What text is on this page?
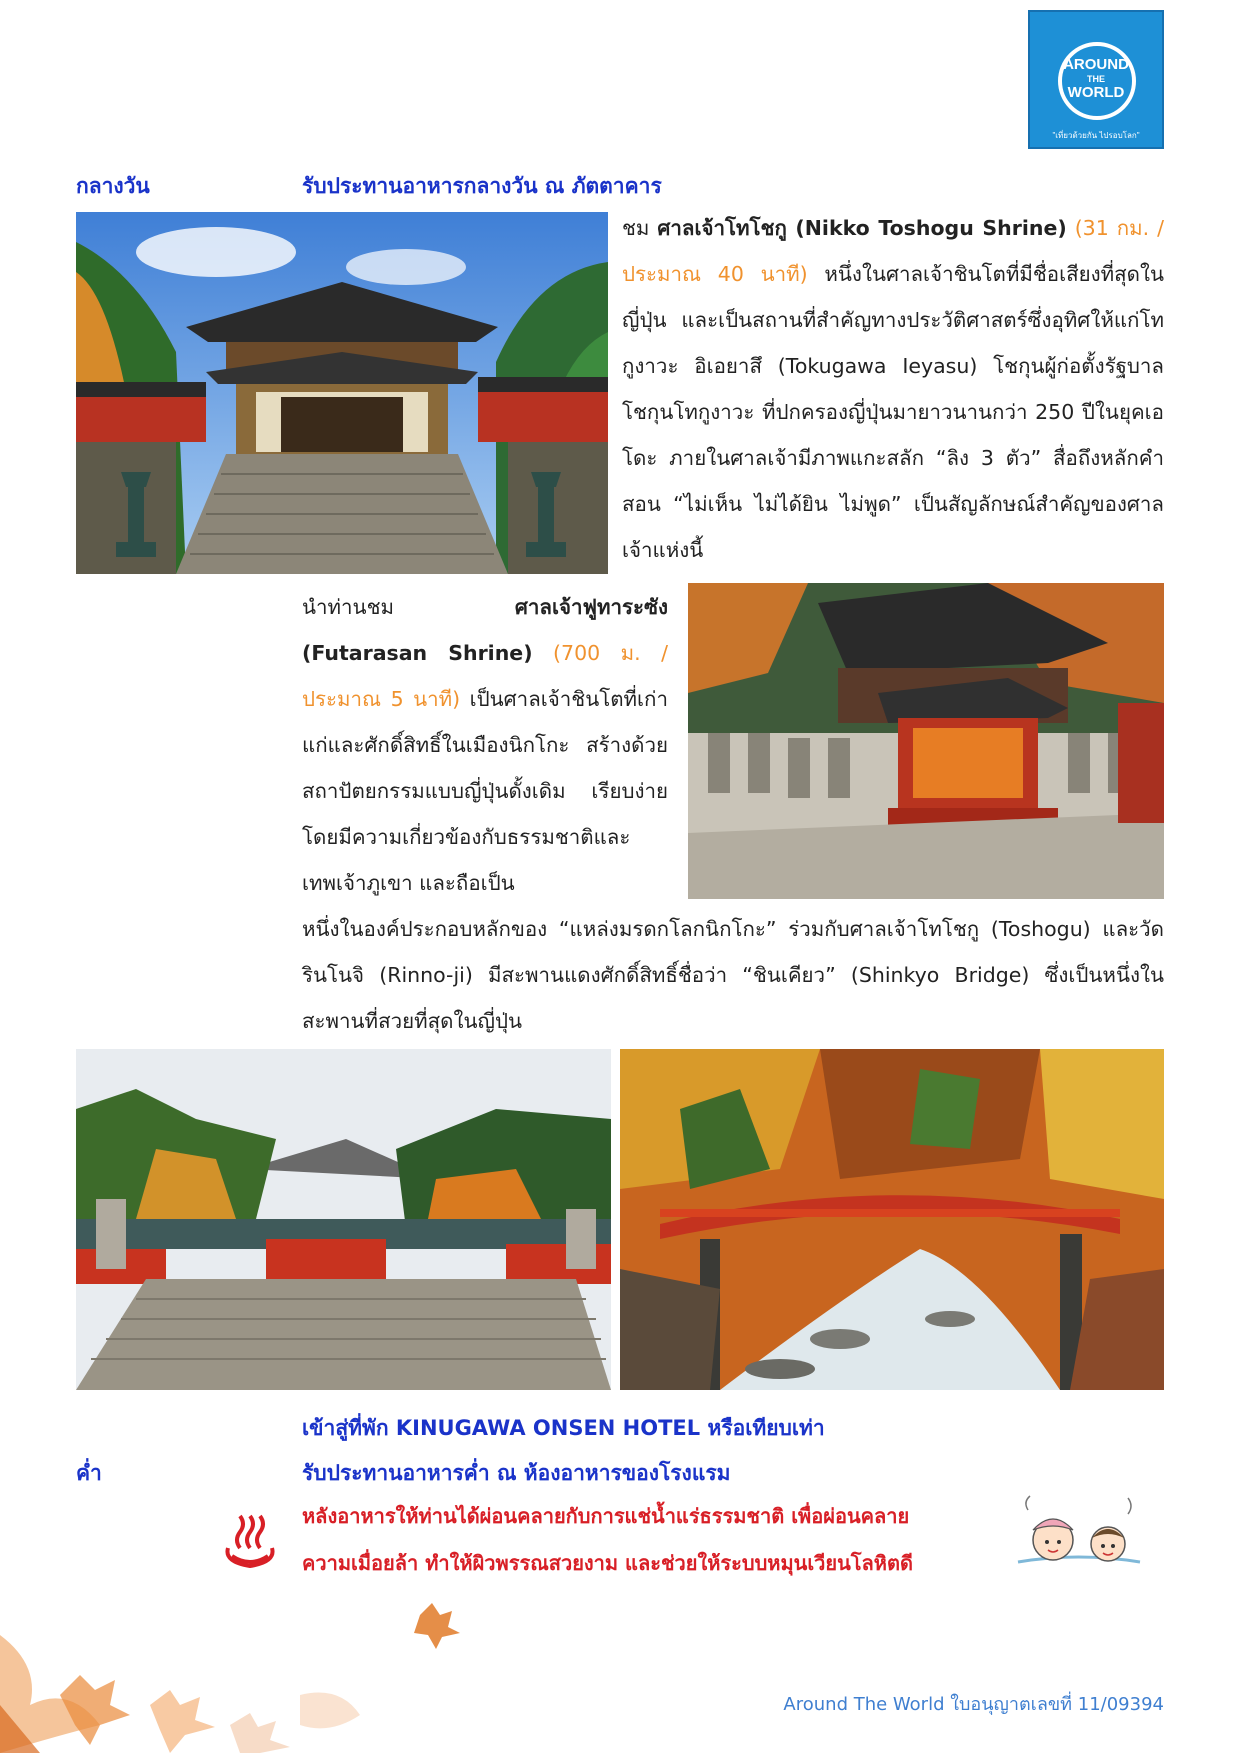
AROUND
THE
WORLD
"เที่ยวด้วยกัน ไปรอบโลก"
กลางวัน	รับประทานอาหารกลางวัน ณ ภัตตาคาร
ชม ศาลเจ้าโทโชกู (Nikko Toshogu Shrine) (31 กม. / ประมาณ 40 นาที) หนึ่งในศาลเจ้าชินโตที่มีชื่อเสียงที่สุดในญี่ปุ่น และเป็นสถานที่สำคัญทางประวัติศาสตร์ซึ่งอุทิศให้แก่โทกูงาวะ อิเอยาสึ (Tokugawa Ieyasu) โชกุนผู้ก่อตั้งรัฐบาลโชกุนโทกูงาวะ ที่ปกครองญี่ปุ่นมายาวนานกว่า 250 ปีในยุคเอโดะ ภายในศาลเจ้ามีภาพแกะสลัก “ลิง 3 ตัว” สื่อถึงหลักคำสอน “ไม่เห็น ไม่ได้ยิน ไม่พูด” เป็นสัญลักษณ์สำคัญของศาลเจ้าแห่งนี้
นำท่านชม ศาลเจ้าฟูทาระซัง (Futarasan Shrine) (700 ม. / ประมาณ 5 นาที) เป็นศาลเจ้าชินโตที่เก่าแก่และศักดิ์สิทธิ์ในเมืองนิกโกะ สร้างด้วยสถาปัตยกรรมแบบญี่ปุ่นดั้งเดิม เรียบง่าย โดยมีความเกี่ยวข้องกับธรรมชาติและเทพเจ้าภูเขา และถือเป็น
หนึ่งในองค์ประกอบหลักของ “แหล่งมรดกโลกนิกโกะ” ร่วมกับศาลเจ้าโทโชกู (Toshogu) และวัดรินโนจิ (Rinno-ji) มีสะพานแดงศักดิ์สิทธิ์ชื่อว่า “ชินเคียว” (Shinkyo Bridge) ซึ่งเป็นหนึ่งในสะพานที่สวยที่สุดในญี่ปุ่น
เข้าสู่ที่พัก KINUGAWA ONSEN HOTEL หรือเทียบเท่า
ค่ำ	รับประทานอาหารค่ำ ณ ห้องอาหารของโรงแรม
หลังอาหารให้ท่านได้ผ่อนคลายกับการแช่น้ำแร่ธรรมชาติ เพื่อผ่อนคลาย
ความเมื่อยล้า ทำให้ผิวพรรณสวยงาม และช่วยให้ระบบหมุนเวียนโลหิตดี
Around The World ใบอนุญาตเลขที่ 11/09394
